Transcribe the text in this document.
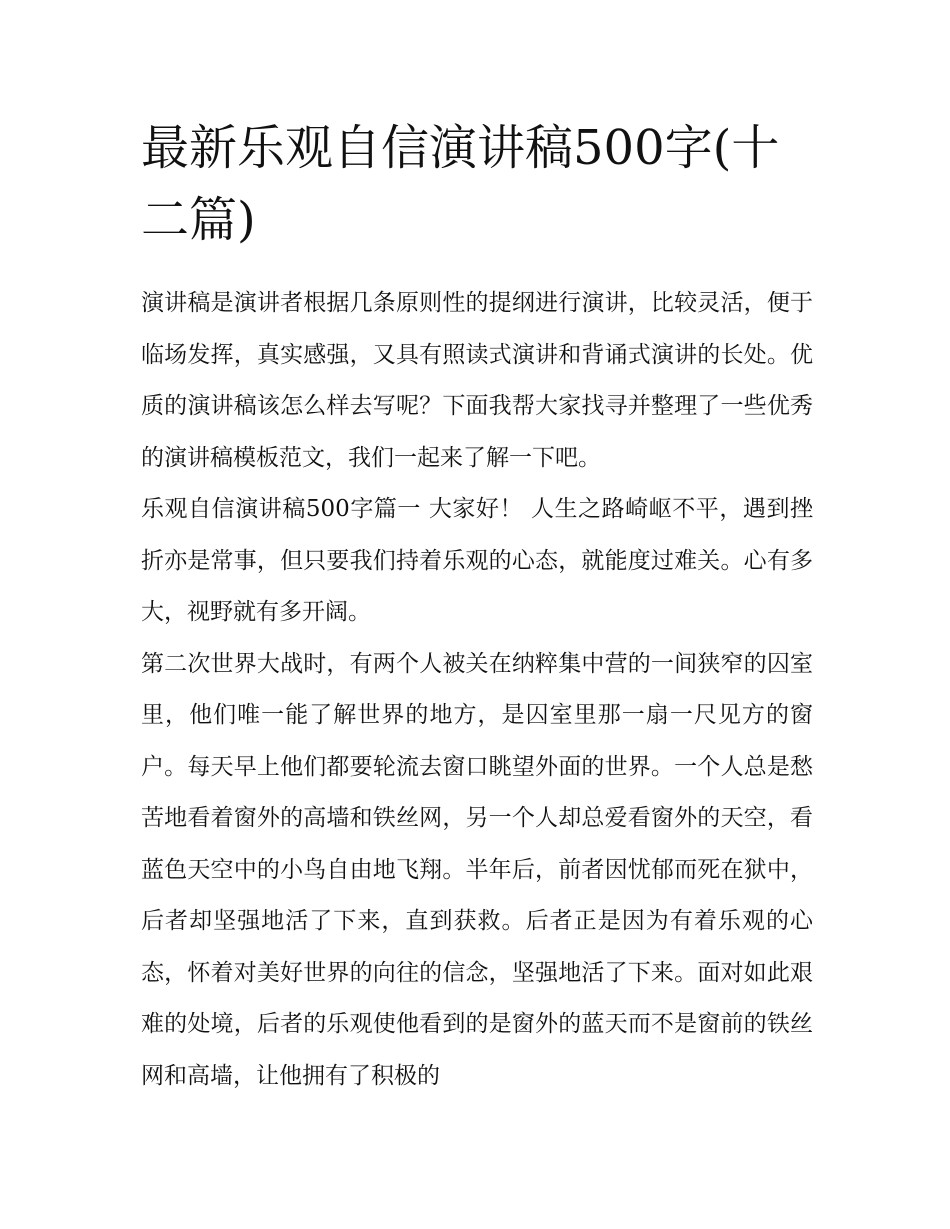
最新乐观自信演讲稿500字(十二篇)

演讲稿是演讲者根据几条原则性的提纲进行演讲，比较灵活，便于临场发挥，真实感强，又具有照读式演讲和背诵式演讲的长处。优质的演讲稿该怎么样去写呢？下面我帮大家找寻并整理了一些优秀的演讲稿模板范文，我们一起来了解一下吧。

乐观自信演讲稿500字篇一 大家好！ 人生之路崎岖不平，遇到挫折亦是常事，但只要我们持着乐观的心态，就能度过难关。心有多大，视野就有多开阔。

第二次世界大战时，有两个人被关在纳粹集中营的一间狭窄的囚室里，他们唯一能了解世界的地方，是囚室里那一扇一尺见方的窗户。每天早上他们都要轮流去窗口眺望外面的世界。一个人总是愁苦地看着窗外的高墙和铁丝网，另一个人却总爱看窗外的天空，看蓝色天空中的小鸟自由地飞翔。半年后，前者因忧郁而死在狱中，后者却坚强地活了下来，直到获救。后者正是因为有着乐观的心态，怀着对美好世界的向往的信念，坚强地活了下来。面对如此艰难的处境，后者的乐观使他看到的是窗外的蓝天而不是窗前的铁丝网和高墙，让他拥有了积极的
